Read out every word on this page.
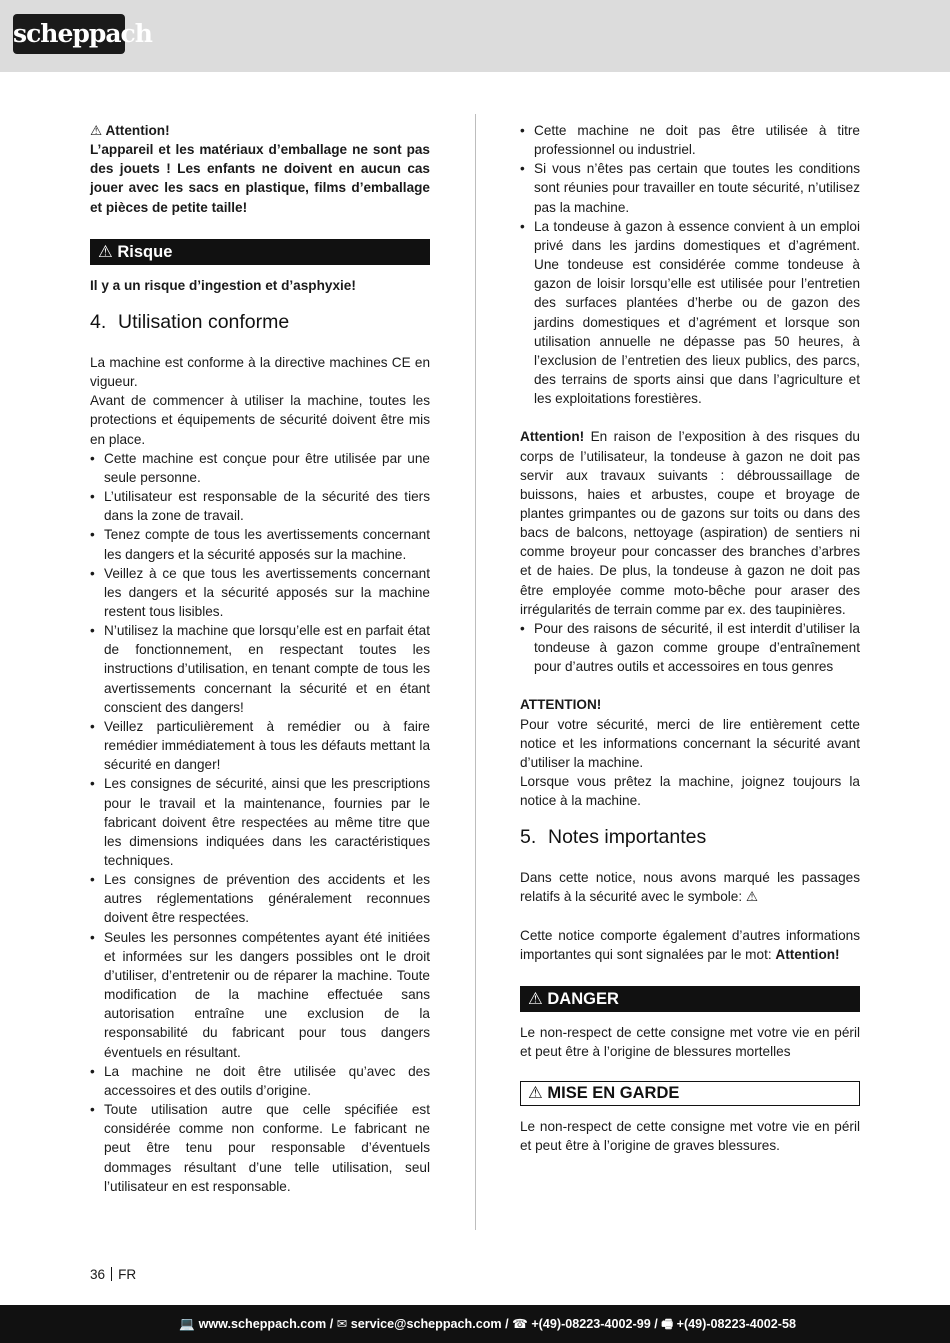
scheppach

⚠ Attention!

L’appareil et les matériaux d’emballage ne sont pas des jouets ! Les enfants ne doivent en aucun cas jouer avec les sacs en plastique, films d’emballage et pièces de petite taille!

⚠ Risque

Il y a un risque d’ingestion et d’asphyxie!

4. Utilisation conforme

La machine est conforme à la directive machines CE en vigueur.

Avant de commencer à utiliser la machine, toutes les protections et équipements de sécurité doivent être mis en place.

• Cette machine est conçue pour être utilisée par une seule personne.
• L’utilisateur est responsable de la sécurité des tiers dans la zone de travail.
• Tenez compte de tous les avertissements concernant les dangers et la sécurité apposés sur la machine.
• Veillez à ce que tous les avertissements concernant les dangers et la sécurité apposés sur la machine restent tous lisibles.
• N’utilisez la machine que lorsqu’elle est en parfait état de fonctionnement, en respectant toutes les instructions d’utilisation, en tenant compte de tous les avertissements concernant la sécurité et en étant conscient des dangers!
• Veillez particulièrement à remédier ou à faire remédier immédiatement à tous les défauts mettant la sécurité en danger!
• Les consignes de sécurité, ainsi que les prescriptions pour le travail et la maintenance, fournies par le fabricant doivent être respectées au même titre que les dimensions indiquées dans les caractéristiques techniques.
• Les consignes de prévention des accidents et les autres réglementations généralement reconnues doivent être respectées.
• Seules les personnes compétentes ayant été initiées et informées sur les dangers possibles ont le droit d’utiliser, d’entretenir ou de réparer la machine. Toute modification de la machine effectuée sans autorisation entraîne une exclusion de la responsabilité du fabricant pour tous dangers éventuels en résultant.
• La machine ne doit être utilisée qu’avec des accessoires et des outils d’origine.
• Toute utilisation autre que celle spécifiée est considérée comme non conforme. Le fabricant ne peut être tenu pour responsable d’éventuels dommages résultant d’une telle utilisation, seul l’utilisateur en est responsable.
• Cette machine ne doit pas être utilisée à titre professionnel ou industriel.
• Si vous n’êtes pas certain que toutes les conditions sont réunies pour travailler en toute sécurité, n’utilisez pas la machine.
• La tondeuse à gazon à essence convient à un emploi privé dans les jardins domestiques et d’agrément. Une tondeuse est considérée comme tondeuse à gazon de loisir lorsqu’elle est utilisée pour l’entretien des surfaces plantées d’herbe ou de gazon des jardins domestiques et d’agrément et lorsque son utilisation annuelle ne dépasse pas 50 heures, à l’exclusion de l’entretien des lieux publics, des parcs, des terrains de sports ainsi que dans l’agriculture et les exploitations forestières.

Attention! En raison de l’exposition à des risques du corps de l’utilisateur, la tondeuse à gazon ne doit pas servir aux travaux suivants : débroussaillage de buissons, haies et arbustes, coupe et broyage de plantes grimpantes ou de gazons sur toits ou dans des bacs de balcons, nettoyage (aspiration) de sentiers ni comme broyeur pour concasser des branches d’arbres et de haies. De plus, la tondeuse à gazon ne doit pas être employée comme moto-bêche pour araser des irrégularités de terrain comme par ex. des taupinières.

• Pour des raisons de sécurité, il est interdit d’utiliser la tondeuse à gazon comme groupe d’entraînement pour d’autres outils et accessoires en tous genres

ATTENTION!

Pour votre sécurité, merci de lire entièrement cette notice et les informations concernant la sécurité avant d’utiliser la machine.

Lorsque vous prêtez la machine, joignez toujours la notice à la machine.

5. Notes importantes

Dans cette notice, nous avons marqué les passages relatifs à la sécurité avec le symbole: ⚠

Cette notice comporte également d’autres informations importantes qui sont signalées par le mot: Attention!

⚠ DANGER

Le non-respect de cette consigne met votre vie en péril et peut être à l’origine de blessures mortelles

⚠ MISE EN GARDE

Le non-respect de cette consigne met votre vie en péril et peut être à l’origine de graves blessures.

36 FR
💻 www.scheppach.com / ✉ service@scheppach.com / ☎ +(49)-08223-4002-99 / 🖷 +(49)-08223-4002-58
